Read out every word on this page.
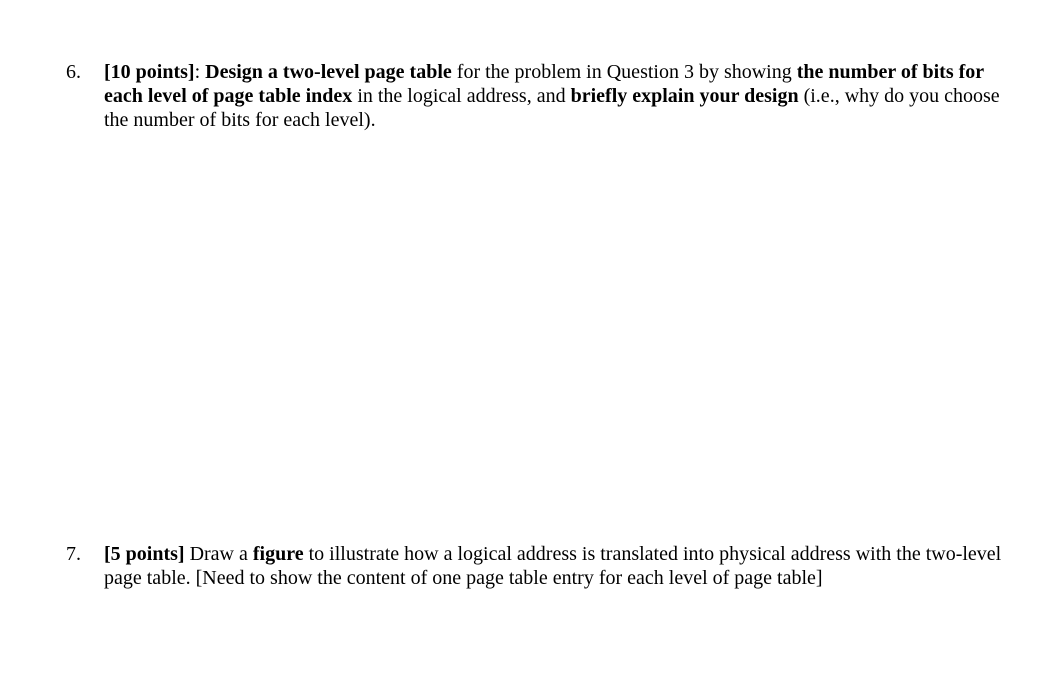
6. [10 points]: Design a two-level page table for the problem in Question 3 by showing the number of bits for each level of page table index in the logical address, and briefly explain your design (i.e., why do you choose the number of bits for each level).
7. [5 points] Draw a figure to illustrate how a logical address is translated into physical address with the two-level page table. [Need to show the content of one page table entry for each level of page table]
